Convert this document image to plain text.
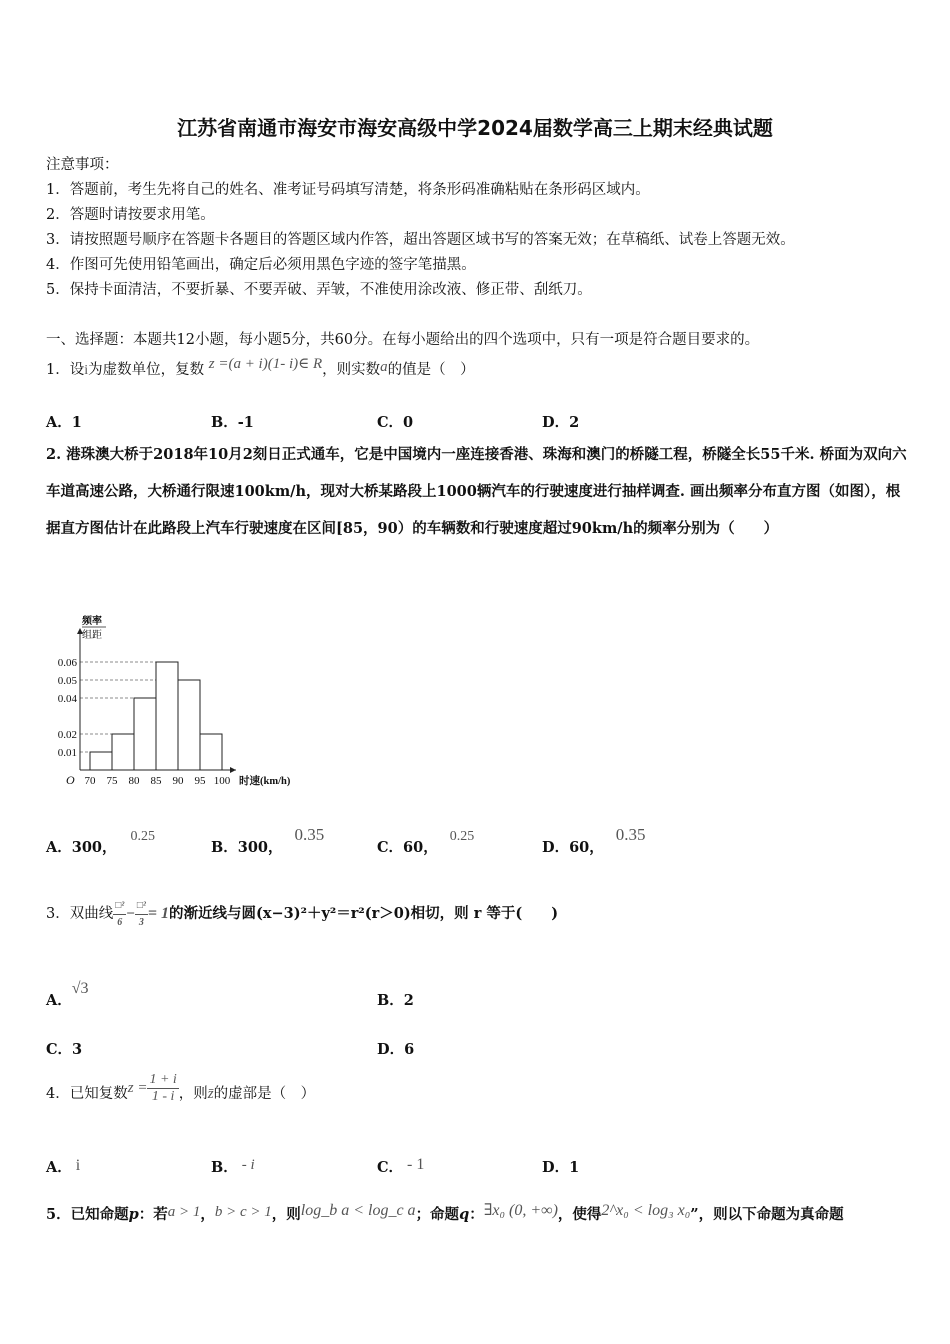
江苏省南通市海安市海安高级中学2024届数学高三上期末经典试题
注意事项：
1．答题前，考生先将自己的姓名、准考证号码填写清楚，将条形码准确粘贴在条形码区域内。
2．答题时请按要求用笔。
3．请按照题号顺序在答题卡各题目的答题区域内作答，超出答题区域书写的答案无效；在草稿纸、试卷上答题无效。
4．作图可先使用铅笔画出，确定后必须用黑色字迹的签字笔描黑。
5．保持卡面清洁，不要折暴、不要弄破、弄皱，不准使用涂改液、修正带、刮纸刀。
一、选择题：本题共12小题，每小题5分，共60分。在每小题给出的四个选项中，只有一项是符合题目要求的。
1．设i为虚数单位，复数 z =(a + i)(1- i)∈ R，则实数a的值是（　）
A．1	B．-1	C．0	D．2
2. 港珠澳大桥于2018年10月2刻日正式通车，它是中国境内一座连接香港、珠海和澳门的桥隧工程，桥隧全长55千米. 桥面为双向六车道高速公路，大桥通行限速100km/h，现对大桥某路段上1000辆汽车的行驶速度进行抽样调查. 画出频率分布直方图（如图），根据直方图估计在此路段上汽车行驶速度在区间[85，90）的车辆数和行驶速度超过90km/h的频率分别为（　　）
0.06
0.05
0.04
0.02
0.01
70 75 80 85 90 95 100
O
频率
组距
时速(km/h)
A．300，0.25
B．300，0.35
C．60，0.25
D．60，0.35
3．双曲线 $\frac{\text{□²}}{6} - \frac{\text{□²}}{3} = 1$的渐近线与圆(x−3)²＋y²＝r²(r＞0)相切，则 r 等于(　　)
A．√3
B．2
C．3	D．6
4．已知复数$z = \frac{1 + i}{1 - i}$ ，则z̄的虚部是（　）
A． i	B． - i	C． - 1	D．1
5．已知命题p：若a > 1，b > c > 1，则log_b a < log_c a；命题q：∃x₀ (0, +∞)，使得2^x₀ < log₃ x₀”，则以下命题为真命题
